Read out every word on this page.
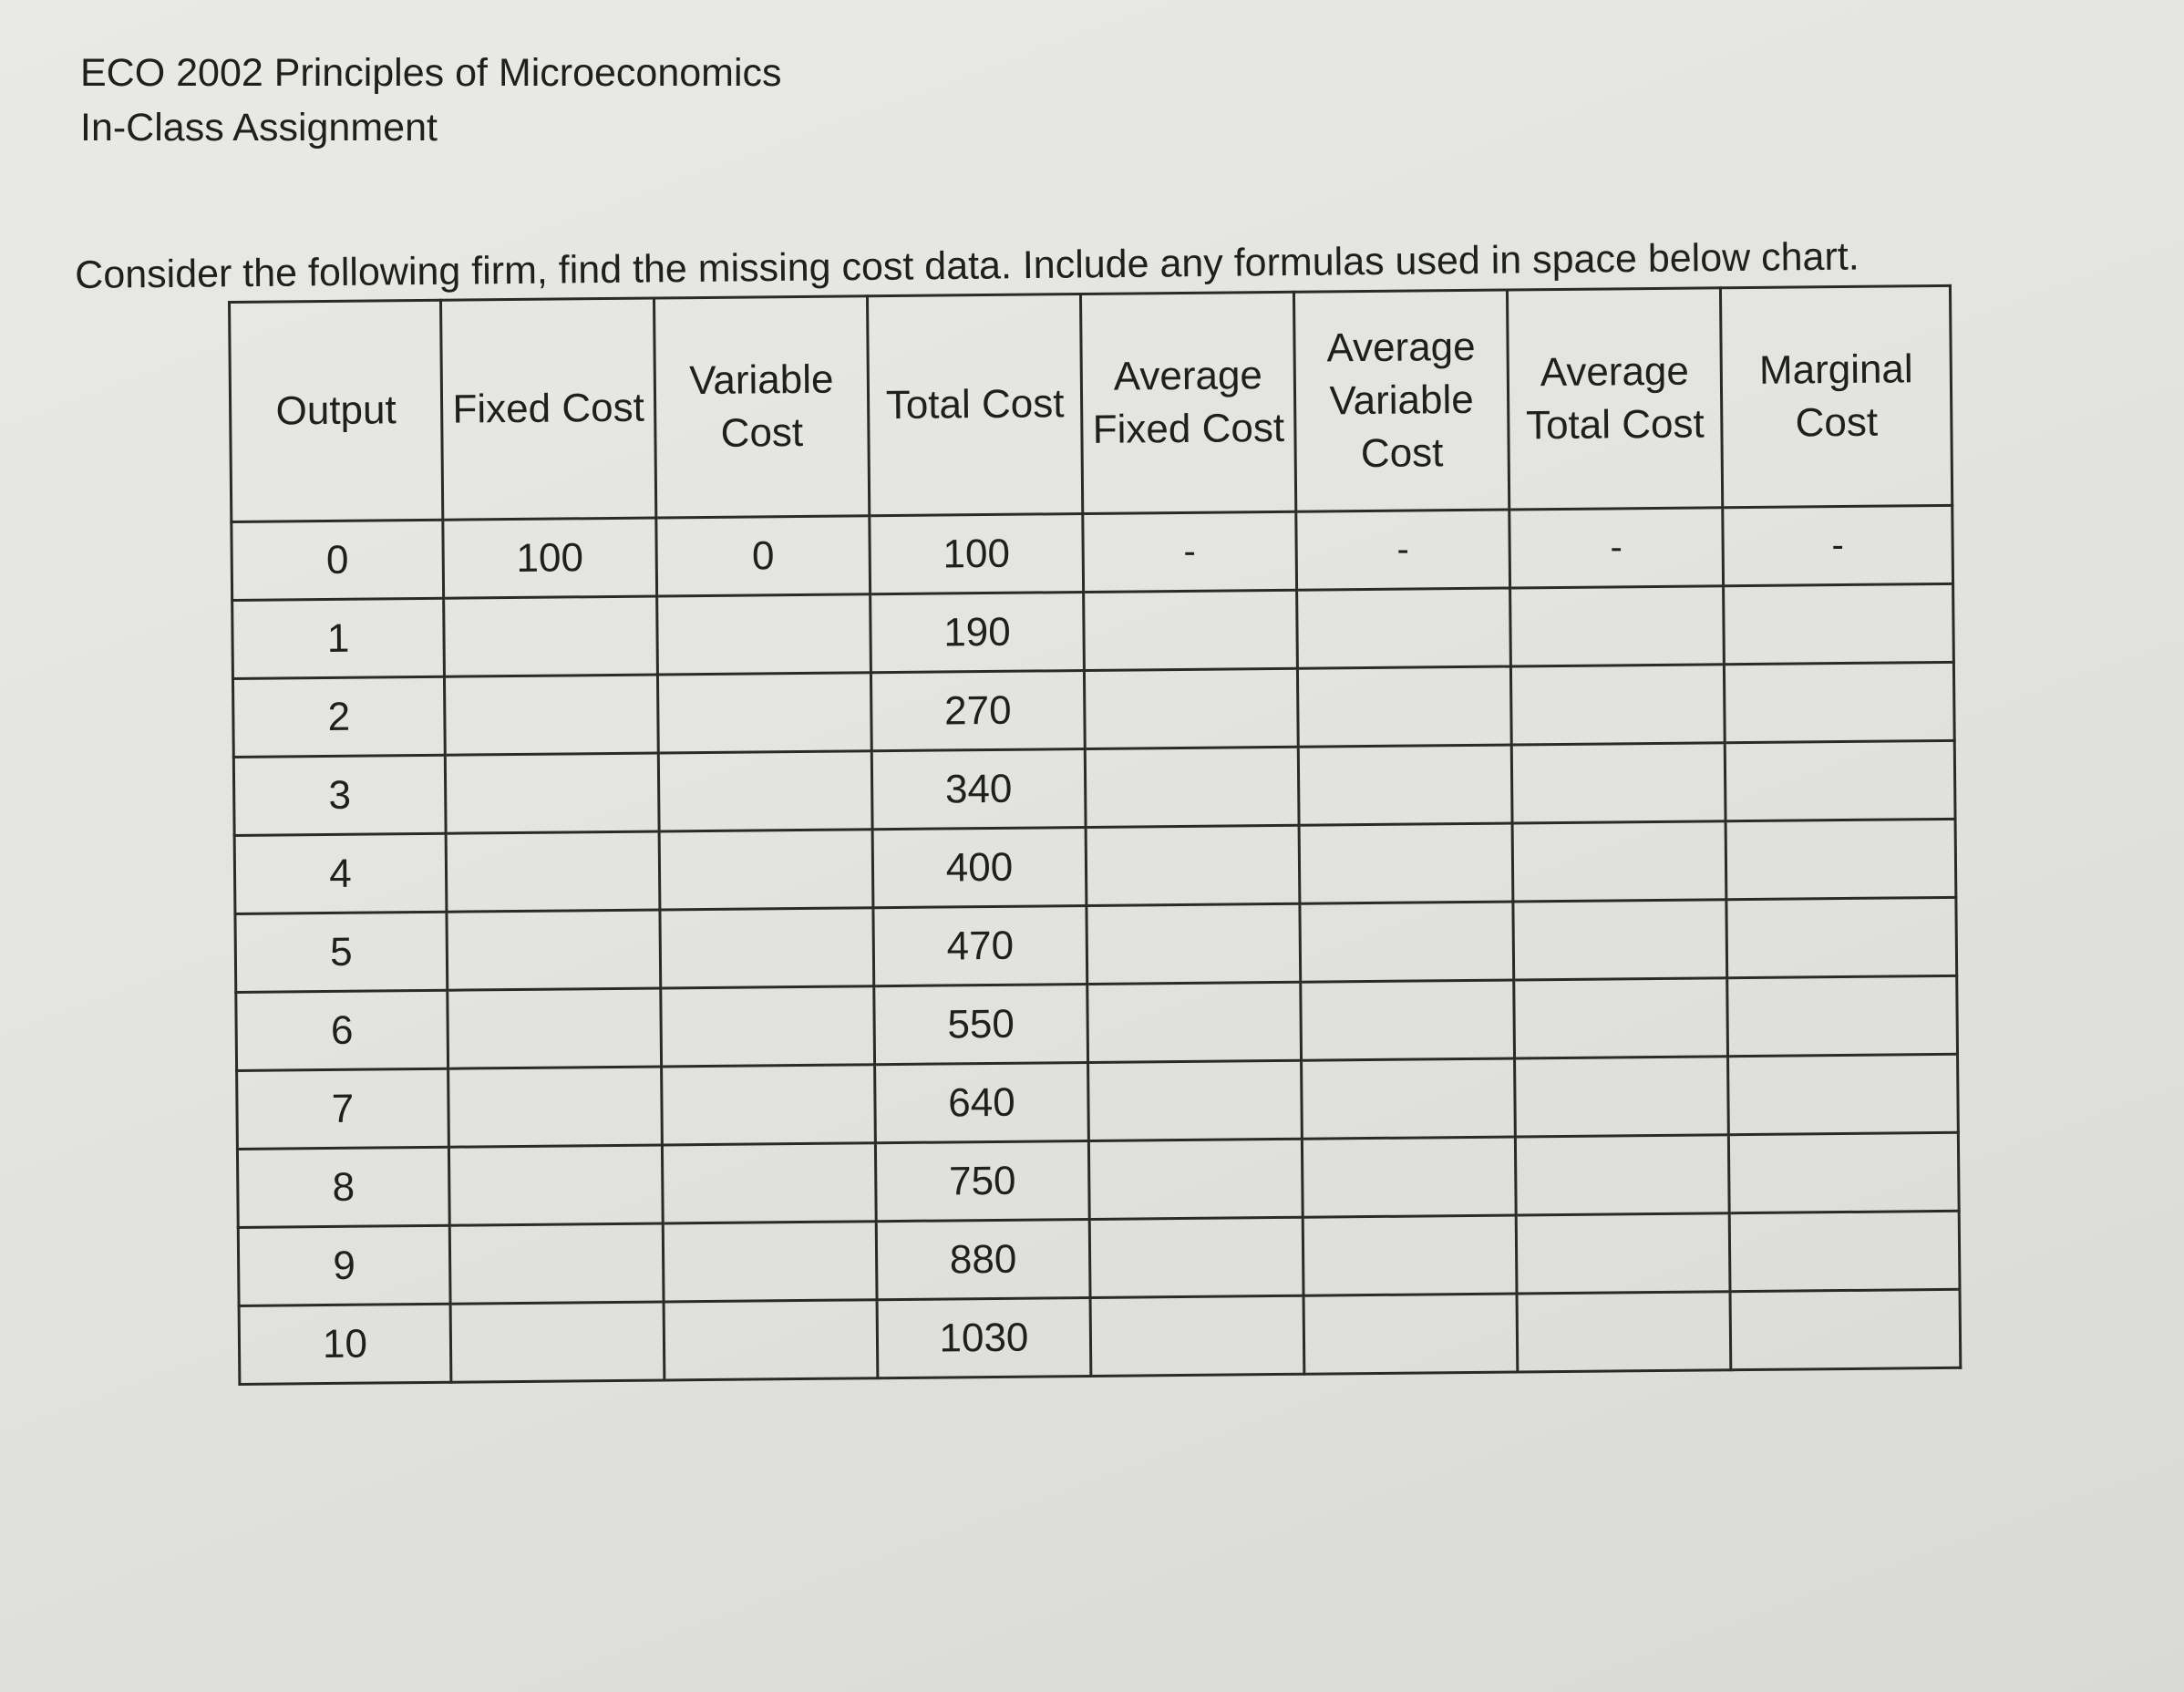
ECO 2002 Principles of Microeconomics
In-Class Assignment
Consider the following firm, find the missing cost data. Include any formulas used in space below chart.
Output	Fixed Cost	Variable Cost	Total Cost	Average Fixed Cost	Average Variable Cost	Average Total Cost	Marginal Cost
0	100	0	100	-	-	-	-
1			190				
2			270				
3			340				
4			400				
5			470				
6			550				
7			640				
8			750				
9			880				
10			1030				
